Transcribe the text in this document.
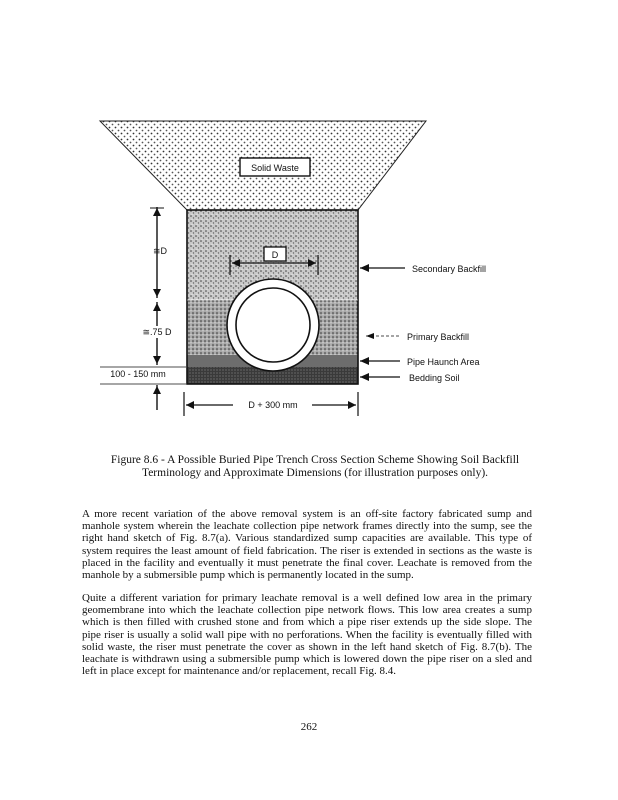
Solid Waste
D
≅D
≅.75 D
100 - 150 mm
D + 300 mm
Secondary Backfill
Primary Backfill
Pipe Haunch Area
Bedding Soil
Figure 8.6 - A Possible Buried Pipe Trench Cross Section Scheme Showing Soil Backfill
Terminology and Approximate Dimensions (for illustration purposes only).

A more recent variation of the above removal system is an off-site factory fabricated sump and manhole system wherein the leachate collection pipe network frames directly into the sump, see the right hand sketch of Fig. 8.7(a). Various standardized sump capacities are available. This type of system requires the least amount of field fabrication. The riser is extended in sections as the waste is placed in the facility and eventually it must penetrate the final cover. Leachate is removed from the manhole by a submersible pump which is permanently located in the sump.

Quite a different variation for primary leachate removal is a well defined low area in the primary geomembrane into which the leachate collection pipe network flows. This low area creates a sump which is then filled with crushed stone and from which a pipe riser extends up the side slope. The pipe riser is usually a solid wall pipe with no perforations. When the facility is eventually filled with solid waste, the riser must penetrate the cover as shown in the left hand sketch of Fig. 8.7(b). The leachate is withdrawn using a submersible pump which is lowered down the pipe riser on a sled and left in place except for maintenance and/or replacement, recall Fig. 8.4.

262
